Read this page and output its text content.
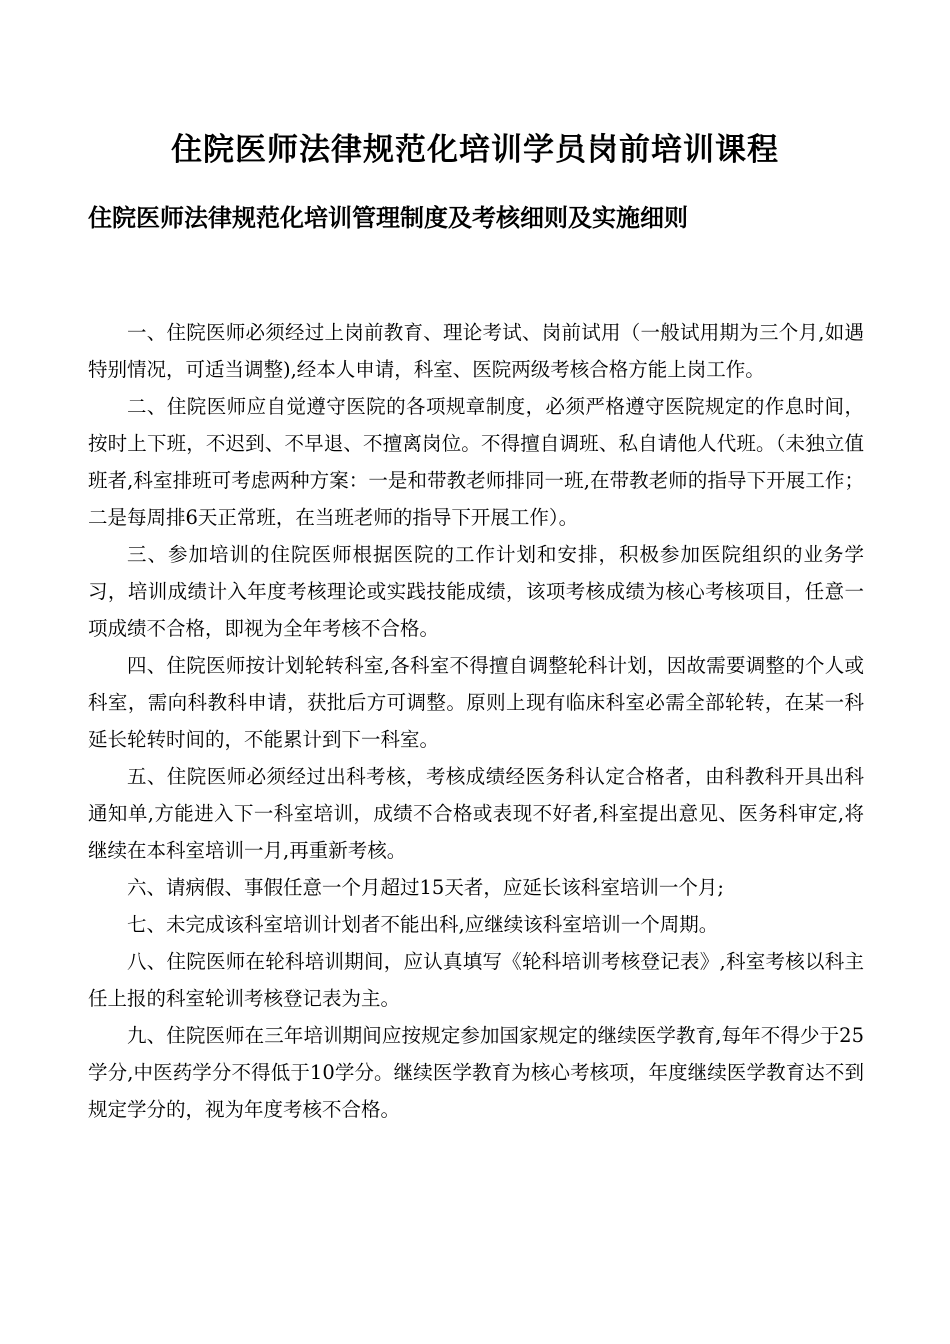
住院医师法律规范化培训学员岗前培训课程
住院医师法律规范化培训管理制度及考核细则及实施细则

一、住院医师必须经过上岗前教育、理论考试、岗前试用（一般试用期为三个月,如遇特别情况，可适当调整),经本人申请，科室、医院两级考核合格方能上岗工作。

二、住院医师应自觉遵守医院的各项规章制度，必须严格遵守医院规定的作息时间，按时上下班，不迟到、不早退、不擅离岗位。不得擅自调班、私自请他人代班。（未独立值班者,科室排班可考虑两种方案：一是和带教老师排同一班,在带教老师的指导下开展工作；二是每周排6天正常班，在当班老师的指导下开展工作）。

三、参加培训的住院医师根据医院的工作计划和安排，积极参加医院组织的业务学习，培训成绩计入年度考核理论或实践技能成绩，该项考核成绩为核心考核项目，任意一项成绩不合格，即视为全年考核不合格。

四、住院医师按计划轮转科室,各科室不得擅自调整轮科计划，因故需要调整的个人或科室，需向科教科申请，获批后方可调整。原则上现有临床科室必需全部轮转，在某一科延长轮转时间的，不能累计到下一科室。

五、住院医师必须经过出科考核，考核成绩经医务科认定合格者，由科教科开具出科通知单,方能进入下一科室培训，成绩不合格或表现不好者,科室提出意见、医务科审定,将继续在本科室培训一月,再重新考核。

六、请病假、事假任意一个月超过15天者，应延长该科室培训一个月;

七、未完成该科室培训计划者不能出科,应继续该科室培训一个周期。

八、住院医师在轮科培训期间，应认真填写《轮科培训考核登记表》,科室考核以科主任上报的科室轮训考核登记表为主。

九、住院医师在三年培训期间应按规定参加国家规定的继续医学教育,每年不得少于25学分,中医药学分不得低于10学分。继续医学教育为核心考核项，年度继续医学教育达不到规定学分的，视为年度考核不合格。
